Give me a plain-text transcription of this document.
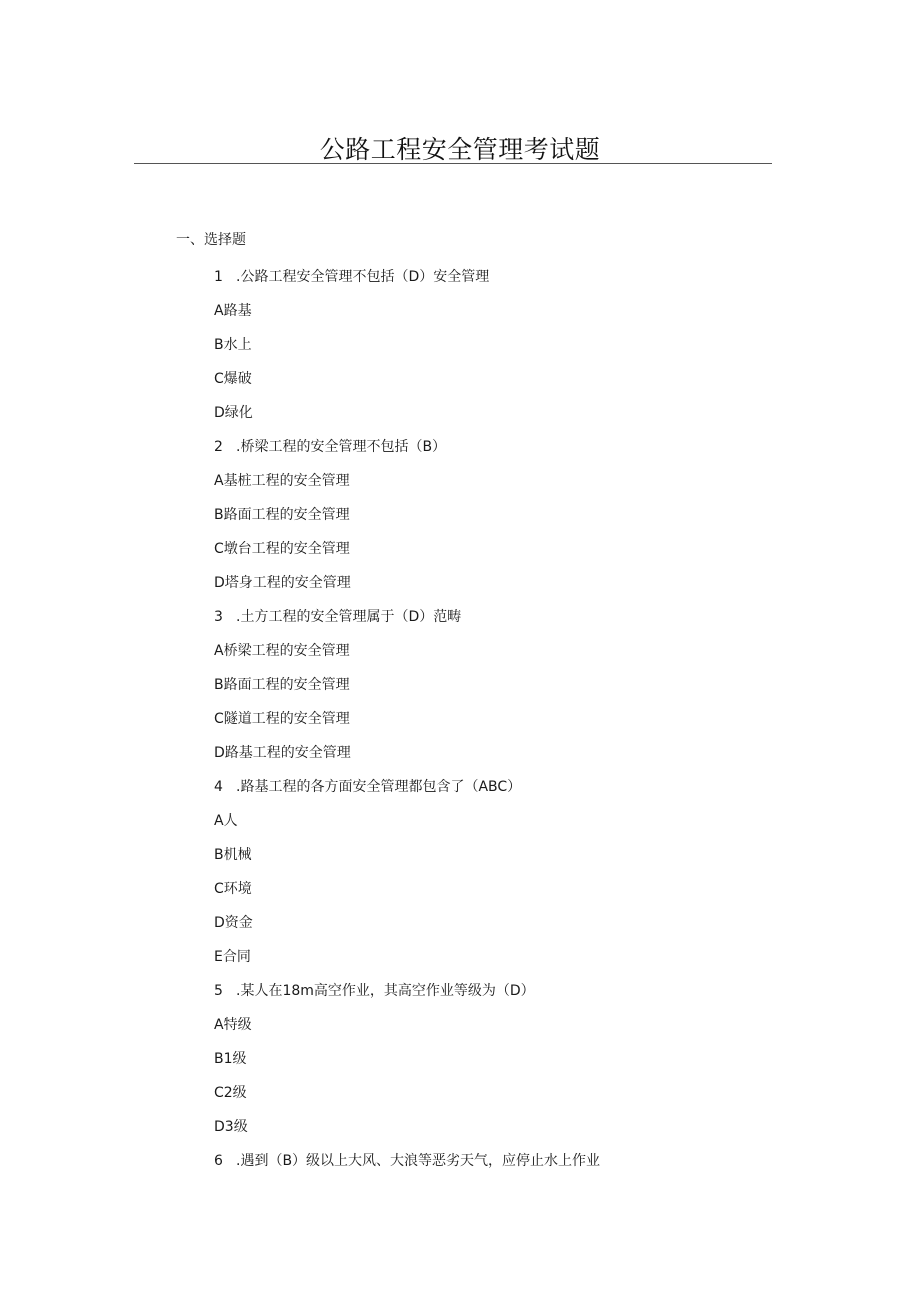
公路工程安全管理考试题
一、选择题
1 .公路工程安全管理不包括（D）安全管理
A路基
B水上
C爆破
D绿化
2 .桥梁工程的安全管理不包括（B）
A基桩工程的安全管理
B路面工程的安全管理
C墩台工程的安全管理
D塔身工程的安全管理
3 .土方工程的安全管理属于（D）范畴
A桥梁工程的安全管理
B路面工程的安全管理
C隧道工程的安全管理
D路基工程的安全管理
4 .路基工程的各方面安全管理都包含了（ABC）
A人
B机械
C环境
D资金
E合同
5 .某人在18m高空作业，其高空作业等级为（D）
A特级
B1级
C2级
D3级
6 .遇到（B）级以上大风、大浪等恶劣天气，应停止水上作业
